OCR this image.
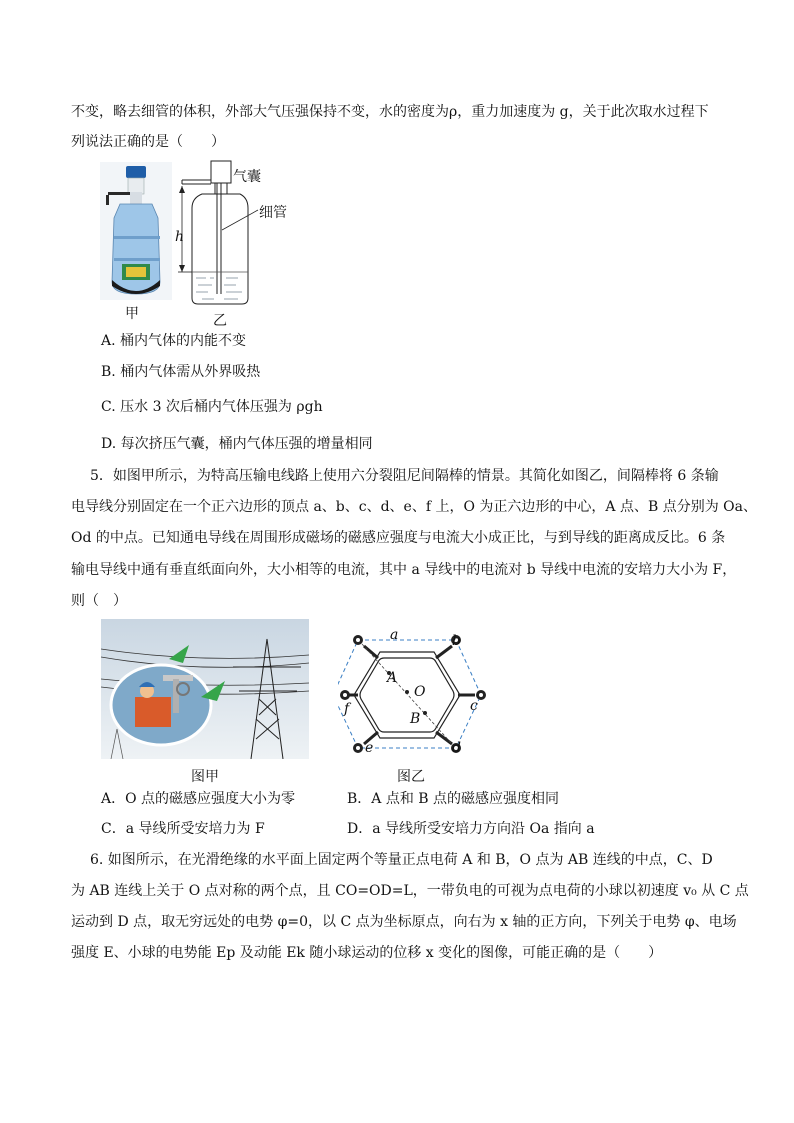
不变，略去细管的体积，外部大气压强保持不变，水的密度为ρ，重力加速度为 g，关于此次取水过程下
列说法正确的是（　　）
甲
气囊
细管
h
乙
A. 桶内气体的内能不变
B. 桶内气体需从外界吸热
C. 压水 3 次后桶内气体压强为 ρgh
D. 每次挤压气囊，桶内气体压强的增量相同
5．如图甲所示，为特高压输电线路上使用六分裂阻尼间隔棒的情景。其简化如图乙，间隔棒将 6 条输
电导线分别固定在一个正六边形的顶点 a、b、c、d、e、f 上，O 为正六边形的中心，A 点、B 点分别为 Oa、
Od 的中点。已知通电导线在周围形成磁场的磁感应强度与电流大小成正比，与到导线的距离成反比。6 条
输电导线中通有垂直纸面向外，大小相等的电流，其中 a 导线中的电流对 b 导线中电流的安培力大小为 F，
则（　）
图甲
a	b
c
d
e
f
O
A
B
图乙
A．O 点的磁感应强度大小为零	B．A 点和 B 点的磁感应强度相同
C．a 导线所受安培力为 F	D．a 导线所受安培力方向沿 Oa 指向 a
6. 如图所示，在光滑绝缘的水平面上固定两个等量正点电荷 A 和 B，O 点为 AB 连线的中点，C、D
为 AB 连线上关于 O 点对称的两个点，且 CO=OD=L，一带负电的可视为点电荷的小球以初速度 v₀ 从 C 点
运动到 D 点，取无穷远处的电势 φ=0，以 C 点为坐标原点，向右为 x 轴的正方向，下列关于电势 φ、电场
强度 E、小球的电势能 Ep 及动能 Ek 随小球运动的位移 x 变化的图像，可能正确的是（　　）
